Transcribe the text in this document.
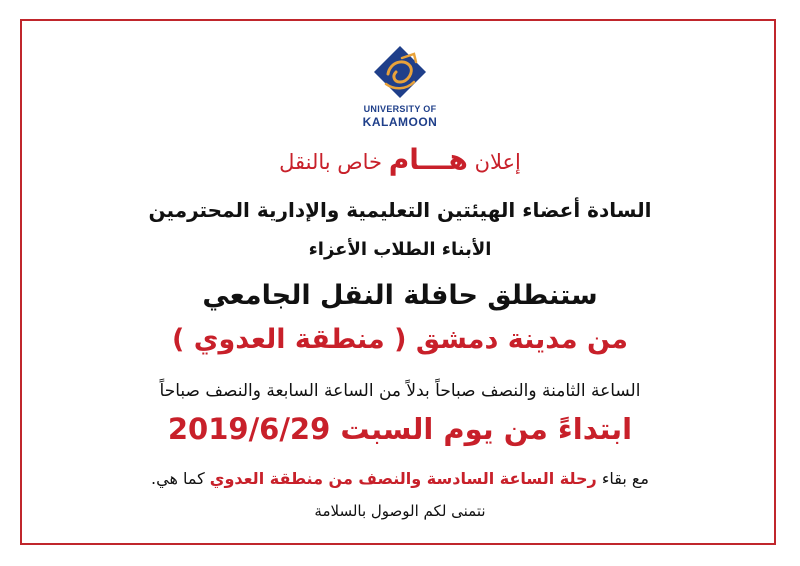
UNIVERSITY OF
KALAMOON
إعلان هـــام خاص بالنقل
السادة أعضاء الهيئتين التعليمية والإدارية المحترمين
الأبناء الطلاب الأعزاء
ستنطلق حافلة النقل الجامعي
من مدينة دمشق ( منطقة العدوي )
الساعة الثامنة والنصف صباحاً بدلاً من الساعة السابعة والنصف صباحاً
ابتداءً من يوم السبت 2019/6/29
مع بقاء رحلة الساعة السادسة والنصف من منطقة العدوي كما هي.
نتمنى لكم الوصول بالسلامة
